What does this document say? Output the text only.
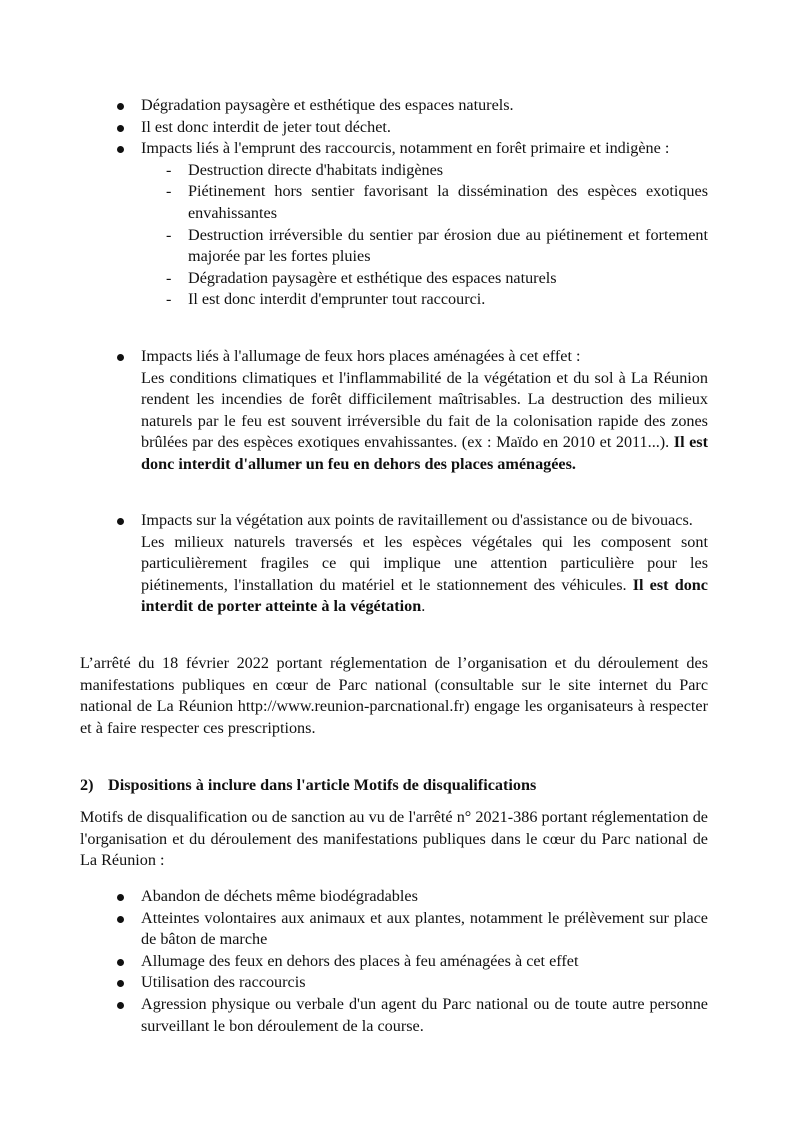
Dégradation paysagère et esthétique des espaces naturels.
Il est donc interdit de jeter tout déchet.
Impacts liés à l'emprunt des raccourcis, notamment en forêt primaire et indigène :
- Destruction directe d'habitats indigènes
- Piétinement hors sentier favorisant la dissémination des espèces exotiques envahissantes
- Destruction irréversible du sentier par érosion due au piétinement et fortement majorée par les fortes pluies
- Dégradation paysagère et esthétique des espaces naturels
- Il est donc interdit d'emprunter tout raccourci.
Impacts liés à l'allumage de feux hors places aménagées à cet effet :
Les conditions climatiques et l'inflammabilité de la végétation et du sol à La Réunion rendent les incendies de forêt difficilement maîtrisables. La destruction des milieux naturels par le feu est souvent irréversible du fait de la colonisation rapide des zones brûlées par des espèces exotiques envahissantes. (ex : Maïdo en 2010 et 2011...). Il est donc interdit d'allumer un feu en dehors des places aménagées.
Impacts sur la végétation aux points de ravitaillement ou d'assistance ou de bivouacs.
Les milieux naturels traversés et les espèces végétales qui les composent sont particulièrement fragiles ce qui implique une attention particulière pour les piétinements, l'installation du matériel et le stationnement des véhicules. Il est donc interdit de porter atteinte à la végétation.
L’arrêté du 18 février 2022 portant réglementation de l’organisation et du déroulement des manifestations publiques en cœur de Parc national (consultable sur le site internet du Parc national de La Réunion http://www.reunion-parcnational.fr) engage les organisateurs à respecter et à faire respecter ces prescriptions.
2) Dispositions à inclure dans l'article Motifs de disqualifications
Motifs de disqualification ou de sanction au vu de l'arrêté n° 2021-386 portant réglementation de l'organisation et du déroulement des manifestations publiques dans le cœur du Parc national de La Réunion :
Abandon de déchets même biodégradables
Atteintes volontaires aux animaux et aux plantes, notamment le prélèvement sur place de bâton de marche
Allumage des feux en dehors des places à feu aménagées à cet effet
Utilisation des raccourcis
Agression physique ou verbale d'un agent du Parc national ou de toute autre personne surveillant le bon déroulement de la course.
